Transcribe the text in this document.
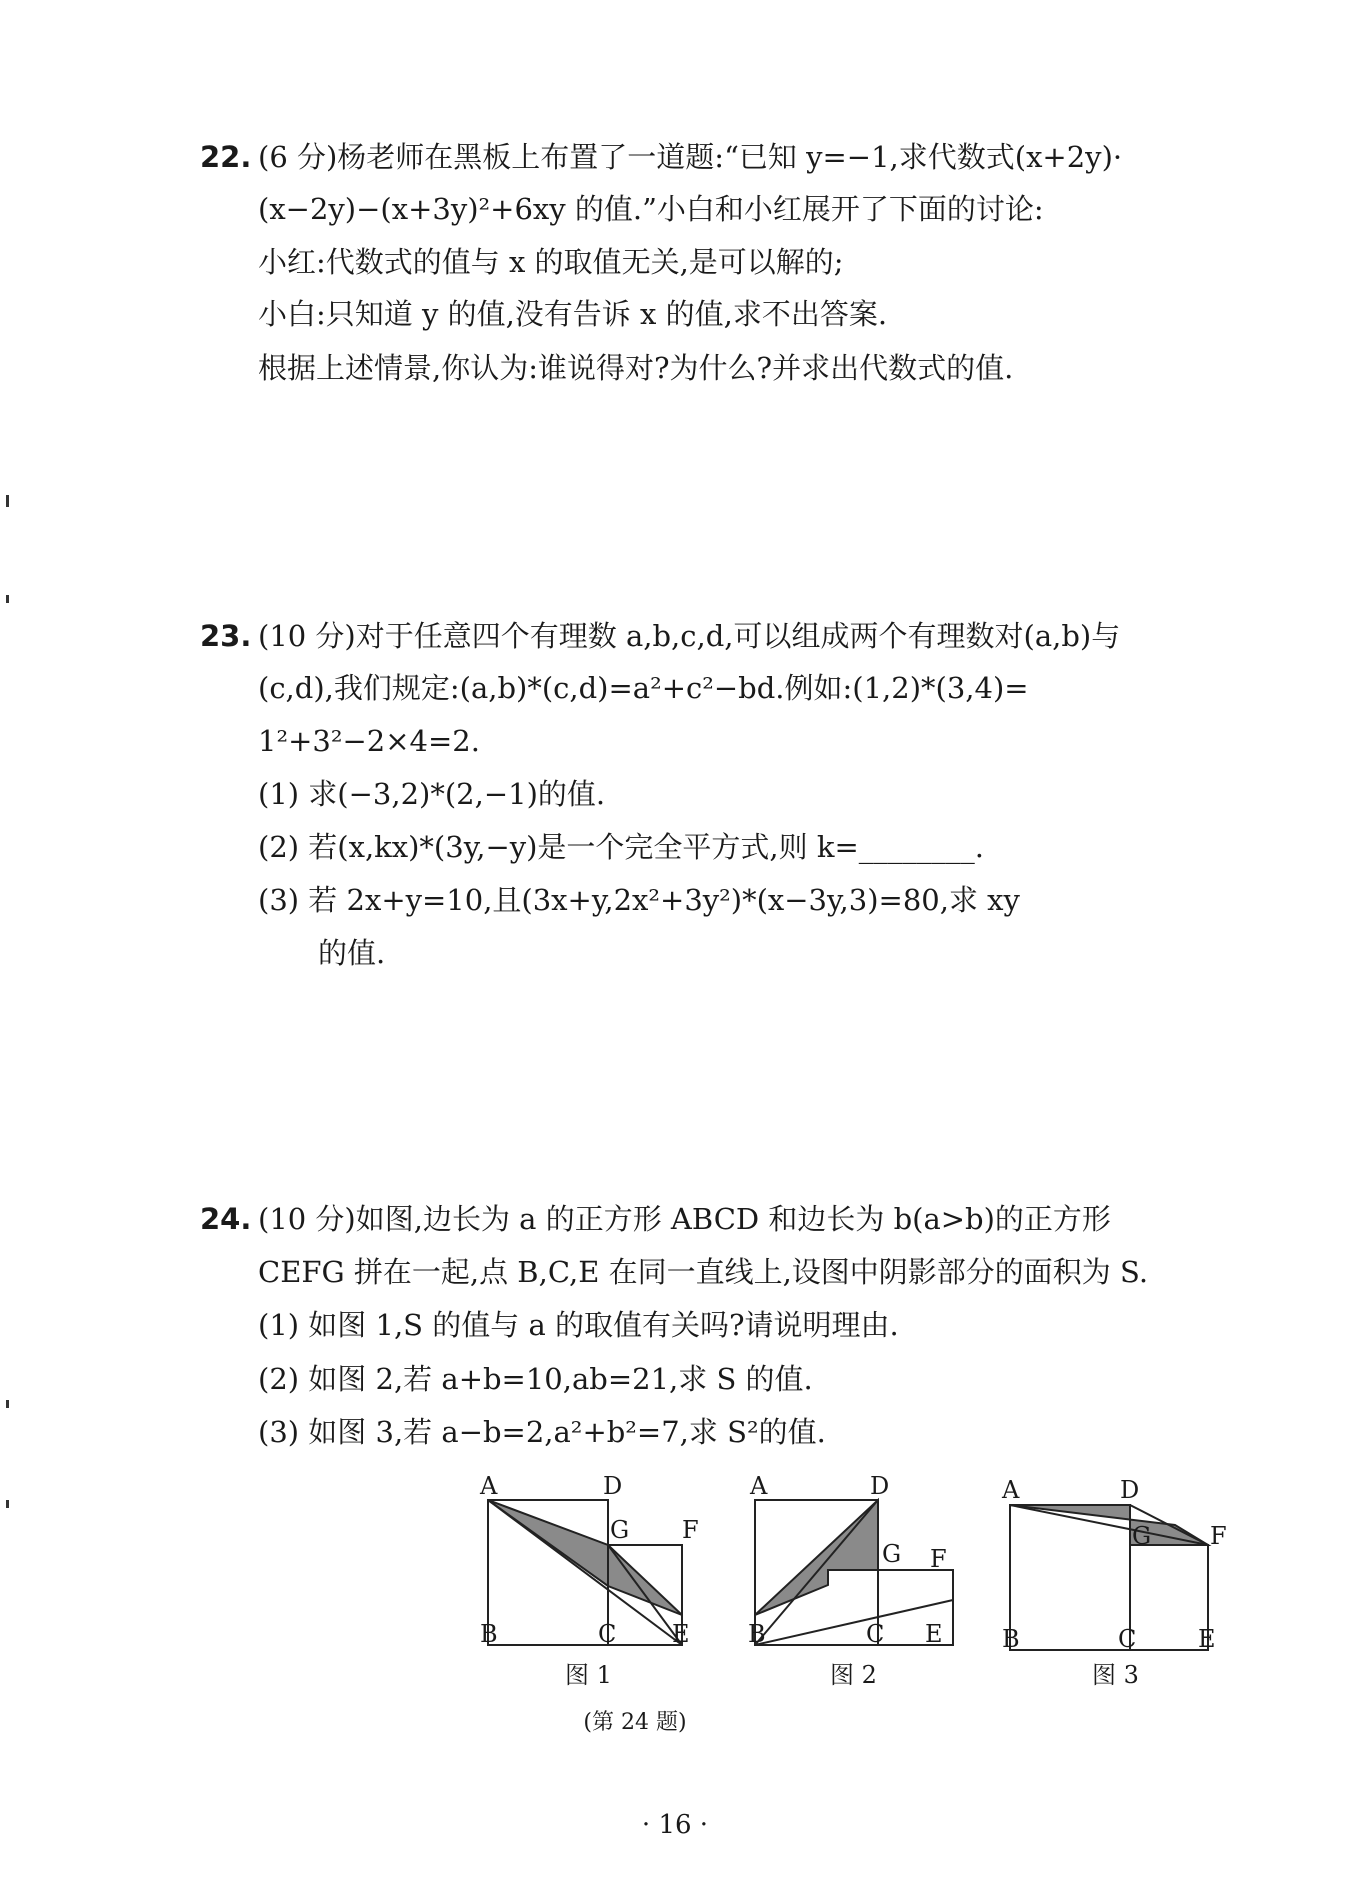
22. (6 分)杨老师在黑板上布置了一道题:“已知 y=−1,求代数式(x+2y)·
(x−2y)−(x+3y)²+6xy 的值.”小白和小红展开了下面的讨论:
小红:代数式的值与 x 的取值无关,是可以解的;
小白:只知道 y 的值,没有告诉 x 的值,求不出答案.
根据上述情景,你认为:谁说得对?为什么?并求出代数式的值.
23. (10 分)对于任意四个有理数 a,b,c,d,可以组成两个有理数对(a,b)与
(c,d),我们规定:(a,b)*(c,d)=a²+c²−bd.例如:(1,2)*(3,4)=
1²+3²−2×4=2.
(1) 求(−3,2)*(2,−1)的值.
(2) 若(x,kx)*(3y,−y)是一个完全平方式,则 k=________.
(3) 若 2x+y=10,且(3x+y,2x²+3y²)*(x−3y,3)=80,求 xy
的值.
24. (10 分)如图,边长为 a 的正方形 ABCD 和边长为 b(a>b)的正方形
CEFG 拼在一起,点 B,C,E 在同一直线上,设图中阴影部分的面积为 S.
(1) 如图 1,S 的值与 a 的取值有关吗?请说明理由.
(2) 如图 2,若 a+b=10,ab=21,求 S 的值.
(3) 如图 3,若 a−b=2,a²+b²=7,求 S²的值.
A	D
G F
B	C E
图 1
A	D
G F
B	C E
图 2
A	D
G F
B	C	E
图 3
(第 24 题)
· 16 ·
